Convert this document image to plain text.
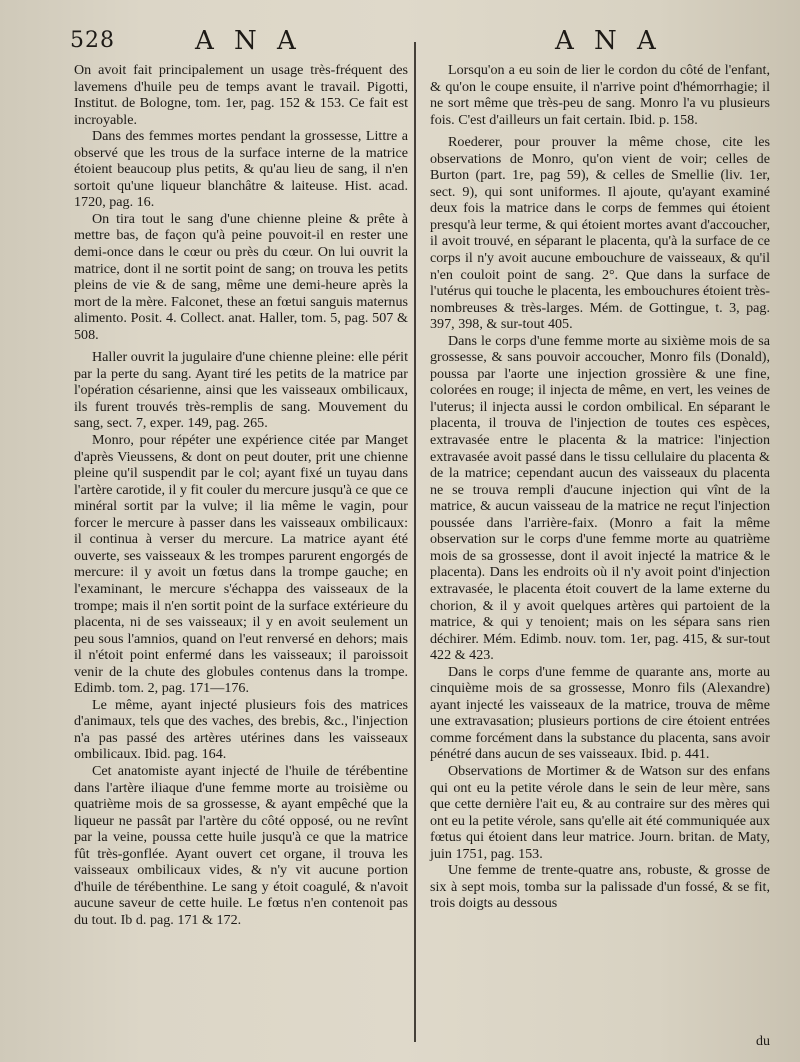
528	A N A	A N A

On avoit fait principalement un usage très-fréquent des lavemens d'huile peu de temps avant le travail. Pigotti, Institut. de Bologne, tom. 1er, pag. 152 & 153. Ce fait est incroyable.

Dans des femmes mortes pendant la grossesse, Littre a observé que les trous de la surface interne de la matrice étoient beaucoup plus petits, & qu'au lieu de sang, il n'en sortoit qu'une liqueur blanchâtre & laiteuse. Hist. acad. 1720, pag. 16.

On tira tout le sang d'une chienne pleine & prête à mettre bas, de façon qu'à peine pouvoit-il en rester une demi-once dans le cœur ou près du cœur. On lui ouvrit la matrice, dont il ne sortit point de sang; on trouva les petits pleins de vie & de sang, même une demi-heure après la mort de la mère. Falconet, these an fœtui sanguis maternus alimento. Posit. 4. Collect. anat. Haller, tom. 5, pag. 507 & 508.

Haller ouvrit la jugulaire d'une chienne pleine: elle périt par la perte du sang. Ayant tiré les petits de la matrice par l'opération césarienne, ainsi que les vaisseaux ombilicaux, ils furent trouvés très-remplis de sang. Mouvement du sang, sect. 7, exper. 149, pag. 265.

Monro, pour répéter une expérience citée par Manget d'après Vieussens, & dont on peut douter, prit une chienne pleine qu'il suspendit par le col; ayant fixé un tuyau dans l'artère carotide, il y fit couler du mercure jusqu'à ce que ce minéral sortit par la vulve; il lia même le vagin, pour forcer le mercure à passer dans les vaisseaux ombilicaux: il continua à verser du mercure. La matrice ayant été ouverte, ses vaisseaux & les trompes parurent engorgés de mercure: il y avoit un fœtus dans la trompe gauche; en l'examinant, le mercure s'échappa des vaisseaux de la trompe; mais il n'en sortit point de la surface extérieure du placenta, ni de ses vaisseaux; il y en avoit seulement un peu sous l'amnios, quand on l'eut renversé en dehors; mais il n'étoit point enfermé dans les vaisseaux; il paroissoit venir de la chute des globules contenus dans la trompe. Edimb. tom. 2, pag. 171—176.

Le même, ayant injecté plusieurs fois des matrices d'animaux, tels que des vaches, des brebis, &c., l'injection n'a pas passé des artères utérines dans les vaisseaux ombilicaux. Ibid. pag. 164.

Cet anatomiste ayant injecté de l'huile de térébentine dans l'artère iliaque d'une femme morte au troisième ou quatrième mois de sa grossesse, & ayant empêché que la liqueur ne passât par l'artère du côté opposé, ou ne revînt par la veine, poussa cette huile jusqu'à ce que la matrice fût très-gonflée. Ayant ouvert cet organe, il trouva les vaisseaux ombilicaux vides, & n'y vit aucune portion d'huile de térébenthine. Le sang y étoit coagulé, & n'avoit aucune saveur de cette huile. Le fœtus n'en contenoit pas du tout. Ib d. pag. 171 & 172.

Lorsqu'on a eu soin de lier le cordon du côté de l'enfant, & qu'on le coupe ensuite, il n'arrive point d'hémorrhagie; il ne sort même que très-peu de sang. Monro l'a vu plusieurs fois. C'est d'ailleurs un fait certain. Ibid. p. 158.

Roederer, pour prouver la même chose, cite les observations de Monro, qu'on vient de voir; celles de Burton (part. 1re, pag 59), & celles de Smellie (liv. 1er, sect. 9), qui sont uniformes. Il ajoute, qu'ayant examiné deux fois la matrice dans le corps de femmes qui étoient presqu'à leur terme, & qui étoient mortes avant d'accoucher, il avoit trouvé, en séparant le placenta, qu'à la surface de ce corps il n'y avoit aucune embouchure de vaisseaux, & qu'il n'en couloit point de sang. 2°. Que dans la surface de l'utérus qui touche le placenta, les embouchures étoient très-nombreuses & très-larges. Mém. de Gottingue, t. 3, pag. 397, 398, & sur-tout 405.

Dans le corps d'une femme morte au sixième mois de sa grossesse, & sans pouvoir accoucher, Monro fils (Donald), poussa par l'aorte une injection grossière & une fine, colorées en rouge; il injecta de même, en vert, les veines de l'uterus; il injecta aussi le cordon ombilical. En séparant le placenta, il trouva de l'injection de toutes ces espèces, extravasée entre le placenta & la matrice: l'injection extravasée avoit passé dans le tissu cellulaire du placenta & de la matrice; cependant aucun des vaisseaux du placenta ne se trouva rempli d'aucune injection qui vînt de la matrice, & aucun vaisseau de la matrice ne reçut l'injection poussée dans l'arrière-faix. (Monro a fait la même observation sur le corps d'une femme morte au quatrième mois de sa grossesse, dont il avoit injecté la matrice & le placenta). Dans les endroits où il n'y avoit point d'injection extravasée, le placenta étoit couvert de la lame externe du chorion, & il y avoit quelques artères qui partoient de la matrice, & qui y tenoient; mais on les sépara sans rien déchirer. Mém. Edimb. nouv. tom. 1er, pag. 415, & sur-tout 422 & 423.

Dans le corps d'une femme de quarante ans, morte au cinquième mois de sa grossesse, Monro fils (Alexandre) ayant injecté les vaisseaux de la matrice, trouva de même une extravasation; plusieurs portions de cire étoient entrées comme forcément dans la substance du placenta, sans avoir pénétré dans aucun de ses vaisseaux. Ibid. p. 441.

Observations de Mortimer & de Watson sur des enfans qui ont eu la petite vérole dans le sein de leur mère, sans que cette dernière l'ait eu, & au contraire sur des mères qui ont eu la petite vérole, sans qu'elle ait été communiquée aux fœtus qui étoient dans leur matrice. Journ. britan. de Maty, juin 1751, pag. 153.

Une femme de trente-quatre ans, robuste, & grosse de six à sept mois, tomba sur la palissade d'un fossé, & se fit, trois doigts au dessous

du
